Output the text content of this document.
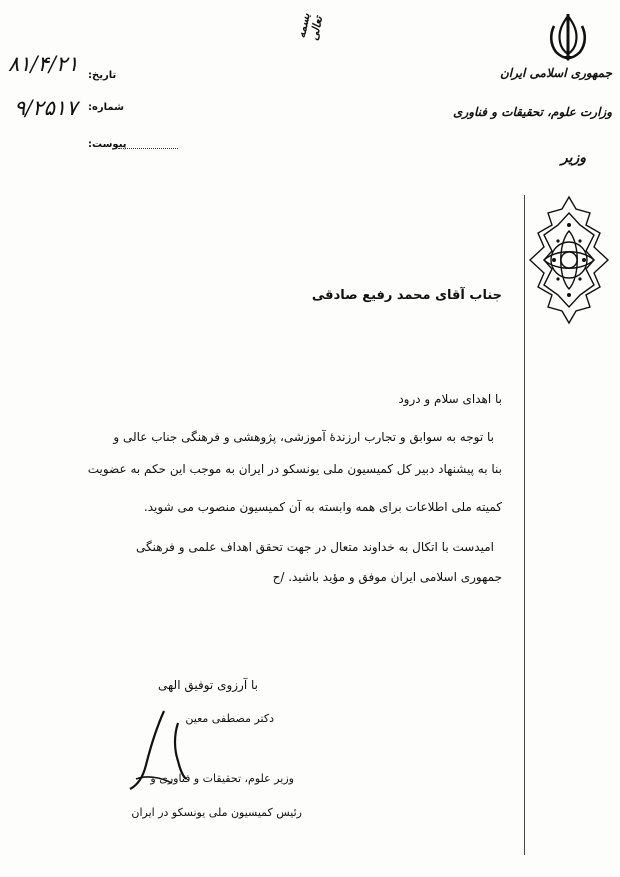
جمهوری اسلامی ایران
وزارت علوم، تحقیقات و فناوری
وزیر
بسمه تعالی
تاریخ:
شماره:
پیوست:
۸۱/۴/۲۱
۹/۲۵۱۷
جناب آقای محمد رفیع صادقی
با اهدای سلام و درود
با توجه به سوابق و تجارب ارزندهٔ آموزشی، پژوهشی و فرهنگی جناب عالی و
بنا به پیشنهاد دبیر کل کمیسیون ملی یونسکو در ایران به موجب این حکم به عضویت
کمیته ملی اطلاعات برای همه وابسته به آن کمیسیون منصوب می شوید.
امیدست با اتکال به خداوند متعال در جهت تحقق اهداف علمی و فرهنگی
جمهوری اسلامی ایران موفق و مؤید باشید. /ح
با آرزوی توفیق الهی
دکتر مصطفی معین
وزیر علوم، تحقیقات و فناوری و
رئیس کمیسیون ملی یونسکو در ایران
